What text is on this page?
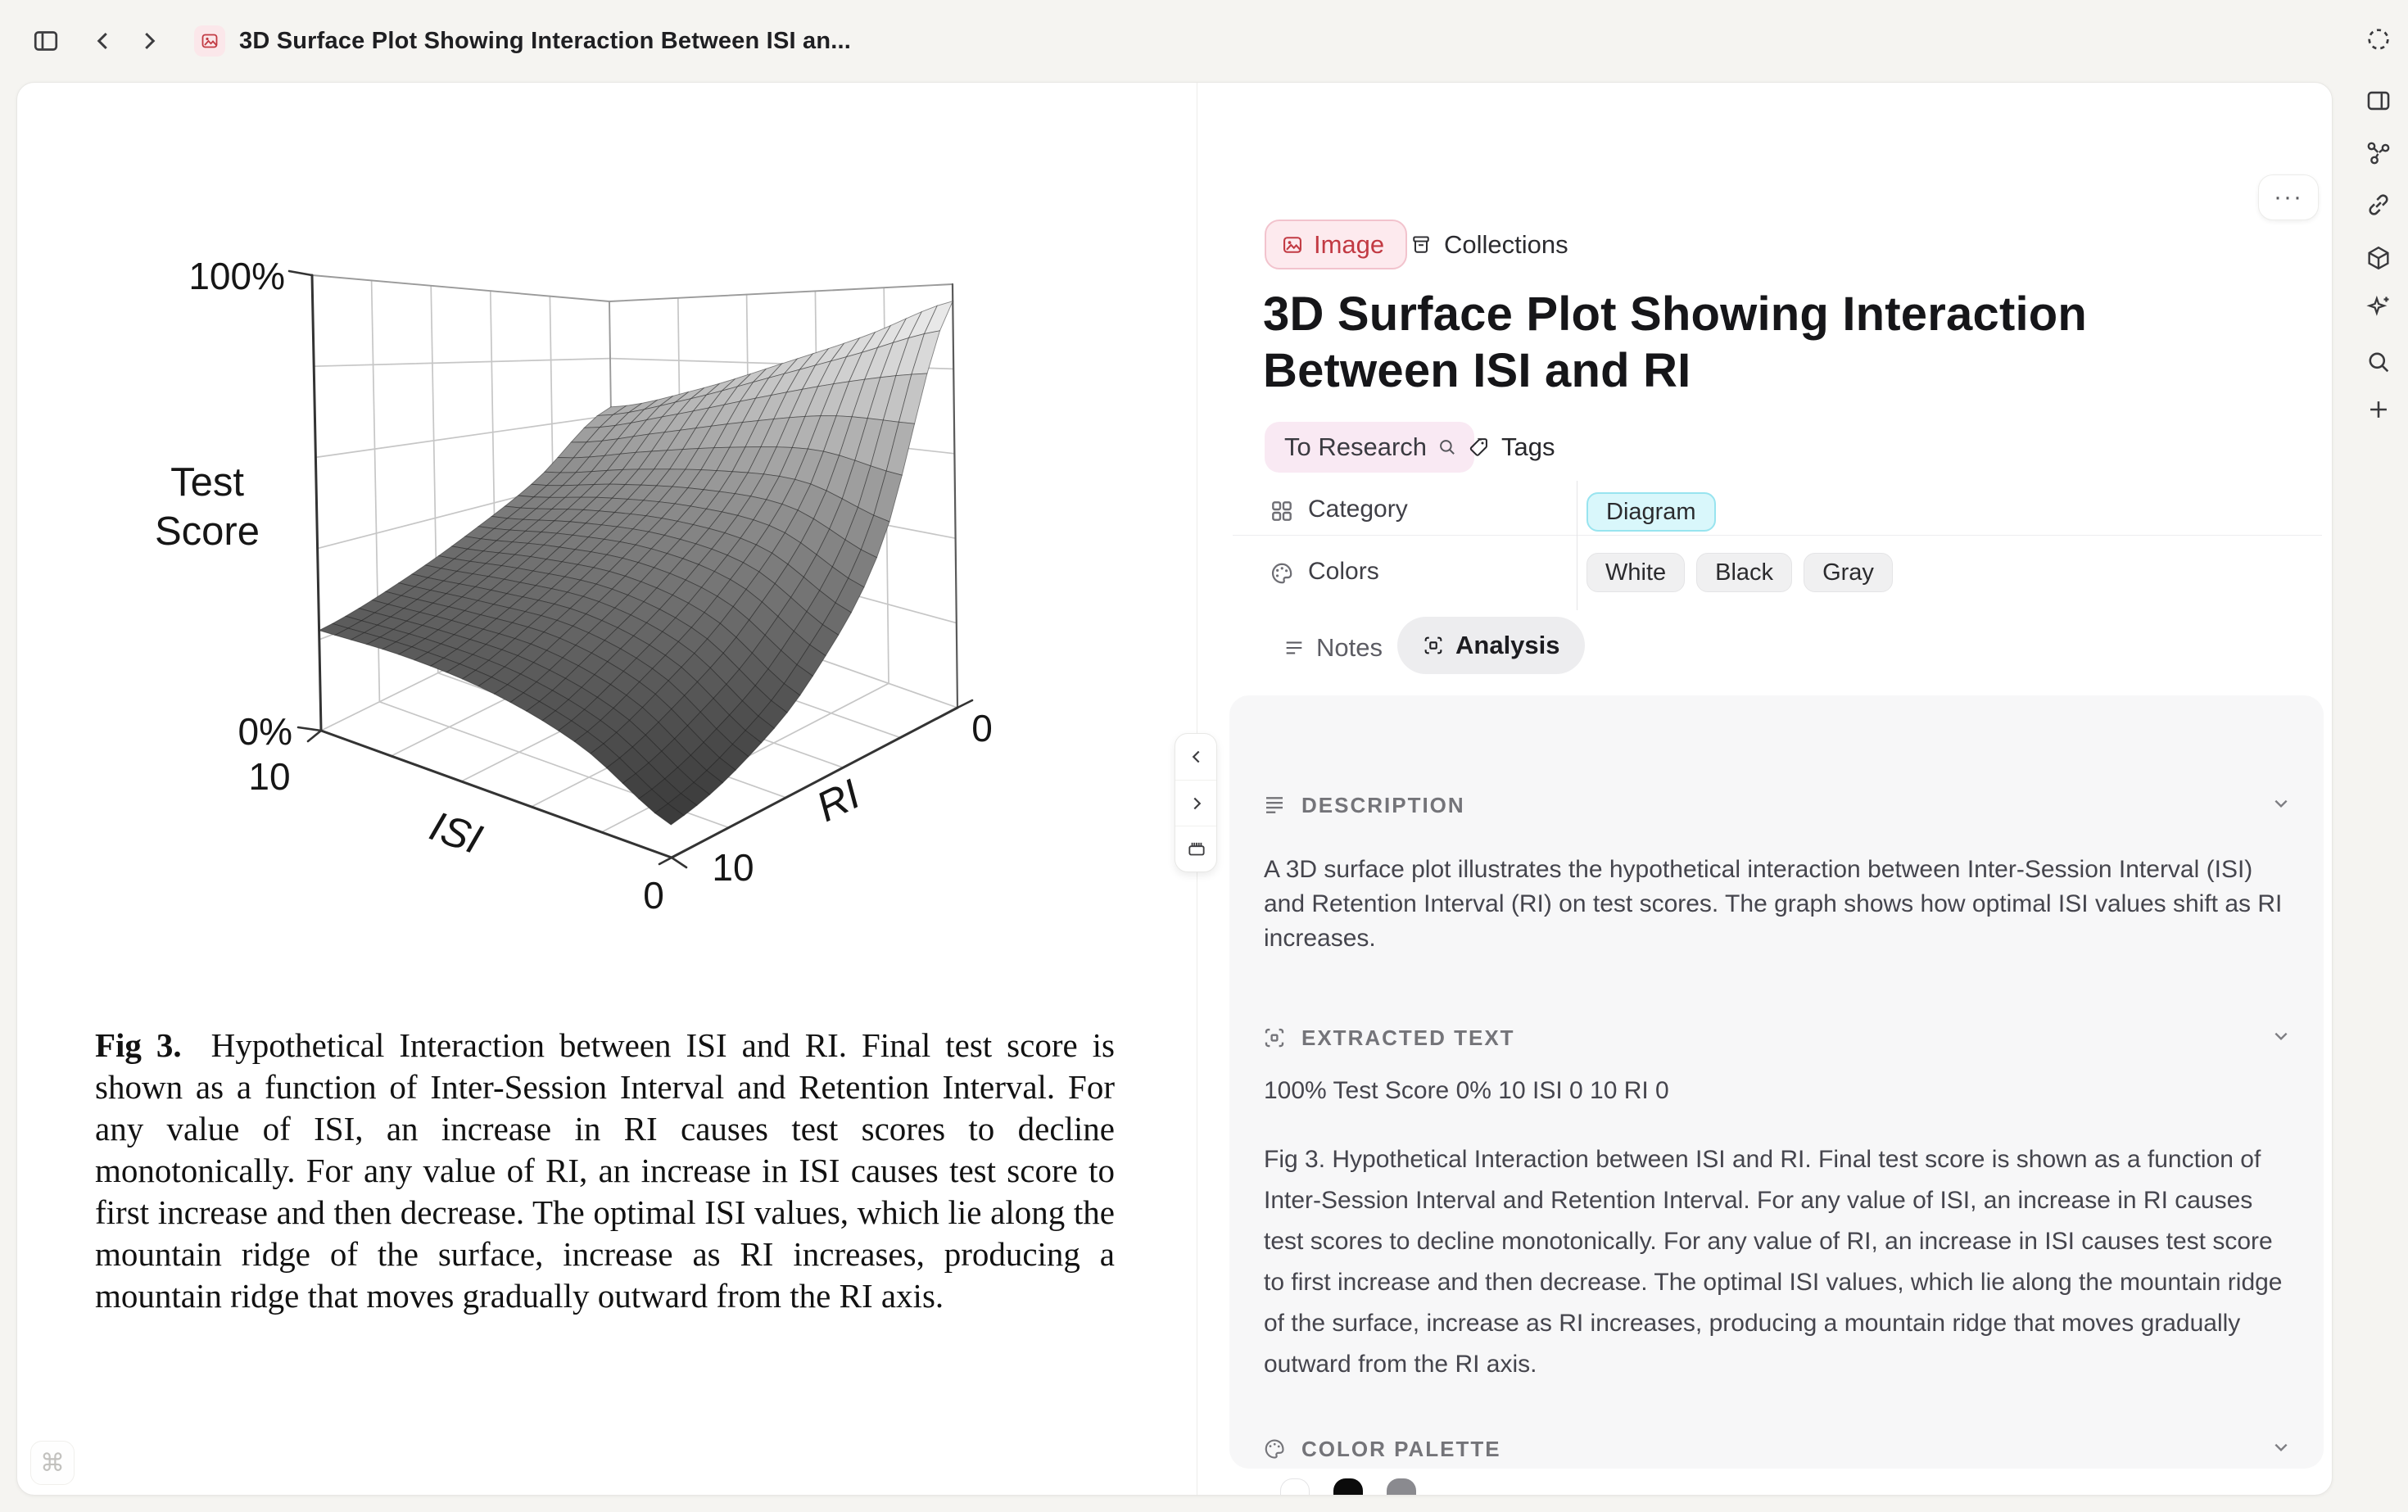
3D Surface Plot Showing Interaction Between ISI an...
100%
0%
Test
Score
10
0
ISI
10
0
RI

Fig 3.  Hypothetical Interaction between ISI and RI. Final test score is shown as a function of Inter-Session Interval and Retention Interval. For any value of ISI, an increase in RI causes test scores to decline monotonically. For any value of RI, an increase in ISI causes test score to first increase and then decrease. The optimal ISI values, which lie along the mountain ridge of the surface, increase as RI increases, producing a mountain ridge that moves gradually outward from the RI axis.

⌘
Image Collections
3D Surface Plot Showing Interaction Between ISI and RI
To Research	Tags
Category	Diagram
Colors	White	Black	Gray
Notes	Analysis
DESCRIPTION
A 3D surface plot illustrates the hypothetical interaction between Inter-Session Interval (ISI) and Retention Interval (RI) on test scores. The graph shows how optimal ISI values shift as RI increases.
EXTRACTED TEXT
100% Test Score 0% 10 ISI 0 10 RI 0
Fig 3. Hypothetical Interaction between ISI and RI. Final test score is shown as a function of Inter-Session Interval and Retention Interval. For any value of ISI, an increase in RI causes test scores to decline monotonically. For any value of RI, an increase in ISI causes test score to first increase and then decrease. The optimal ISI values, which lie along the mountain ridge of the surface, increase as RI increases, producing a mountain ridge that moves gradually outward from the RI axis.
COLOR PALETTE
···
